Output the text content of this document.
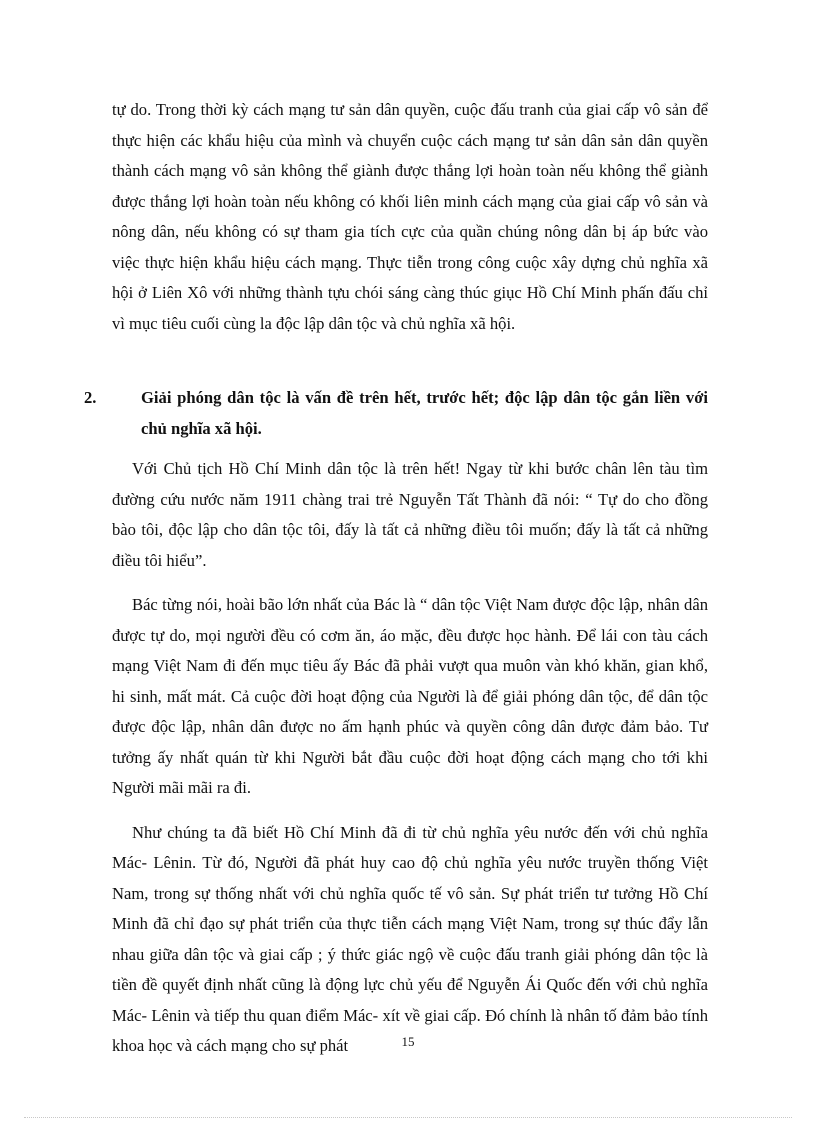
tự do. Trong thời kỳ cách mạng tư sản dân quyền, cuộc đấu tranh của giai cấp vô sản để thực hiện các khẩu hiệu của mình và chuyển cuộc cách mạng tư sản dân sản dân quyền thành cách mạng vô sản không thể giành được thắng lợi hoàn toàn nếu không thể giành được thắng lợi hoàn toàn nếu không có khối liên minh cách mạng của giai cấp vô sản và nông dân, nếu không có sự tham gia tích cực của quần chúng nông dân bị áp bức vào việc thực hiện khẩu hiệu cách mạng. Thực tiễn trong công cuộc xây dựng chủ nghĩa xã hội ở Liên Xô với những thành tựu chói sáng càng thúc giục Hồ Chí Minh phấn đấu chỉ vì mục tiêu cuối cùng la độc lập dân tộc và chủ nghĩa xã hội.

2.	Giải phóng dân tộc là vấn đề trên hết, trước hết; độc lập dân tộc gắn liền với chủ nghĩa xã hội.

Với Chủ tịch Hồ Chí Minh dân tộc là trên hết! Ngay từ khi bước chân lên tàu tìm đường cứu nước năm 1911 chàng trai trẻ Nguyễn Tất Thành đã nói: “ Tự do cho đồng bào tôi, độc lập cho dân tộc tôi, đấy là tất cả những điều tôi muốn; đấy là tất cả những điều tôi hiểu”.

Bác từng nói, hoài bão lớn nhất của Bác là “ dân tộc Việt Nam được độc lập, nhân dân được tự do, mọi người đều có cơm ăn, áo mặc, đều được học hành. Để lái con tàu cách mạng Việt Nam đi đến mục tiêu ấy Bác đã phải vượt qua muôn vàn khó khăn, gian khổ, hi sinh, mất mát. Cả cuộc đời hoạt động của Người là để giải phóng dân tộc, để dân tộc được độc lập, nhân dân được no ấm hạnh phúc và quyền công dân được đảm bảo. Tư tưởng ấy nhất quán từ khi Người bắt đầu cuộc đời hoạt động cách mạng cho tới khi Người mãi mãi ra đi.

Như chúng ta đã biết Hồ Chí Minh đã đi từ chủ nghĩa yêu nước đến với chủ nghĩa Mác- Lênin. Từ đó, Người đã phát huy cao độ chủ nghĩa yêu nước truyền thống Việt Nam, trong sự thống nhất với chủ nghĩa quốc tế vô sản. Sự phát triển tư tưởng Hồ Chí Minh đã chỉ đạo sự phát triển của thực tiễn cách mạng Việt Nam, trong sự thúc đẩy lẫn nhau giữa dân tộc và giai cấp ; ý thức giác ngộ về cuộc đấu tranh giải phóng dân tộc là tiền đề quyết định nhất cũng là động lực chủ yếu để Nguyễn Ái Quốc đến với chủ nghĩa Mác- Lênin và tiếp thu quan điểm Mác- xít về giai cấp. Đó chính là nhân tố đảm bảo tính khoa học và cách mạng cho sự phát	15
